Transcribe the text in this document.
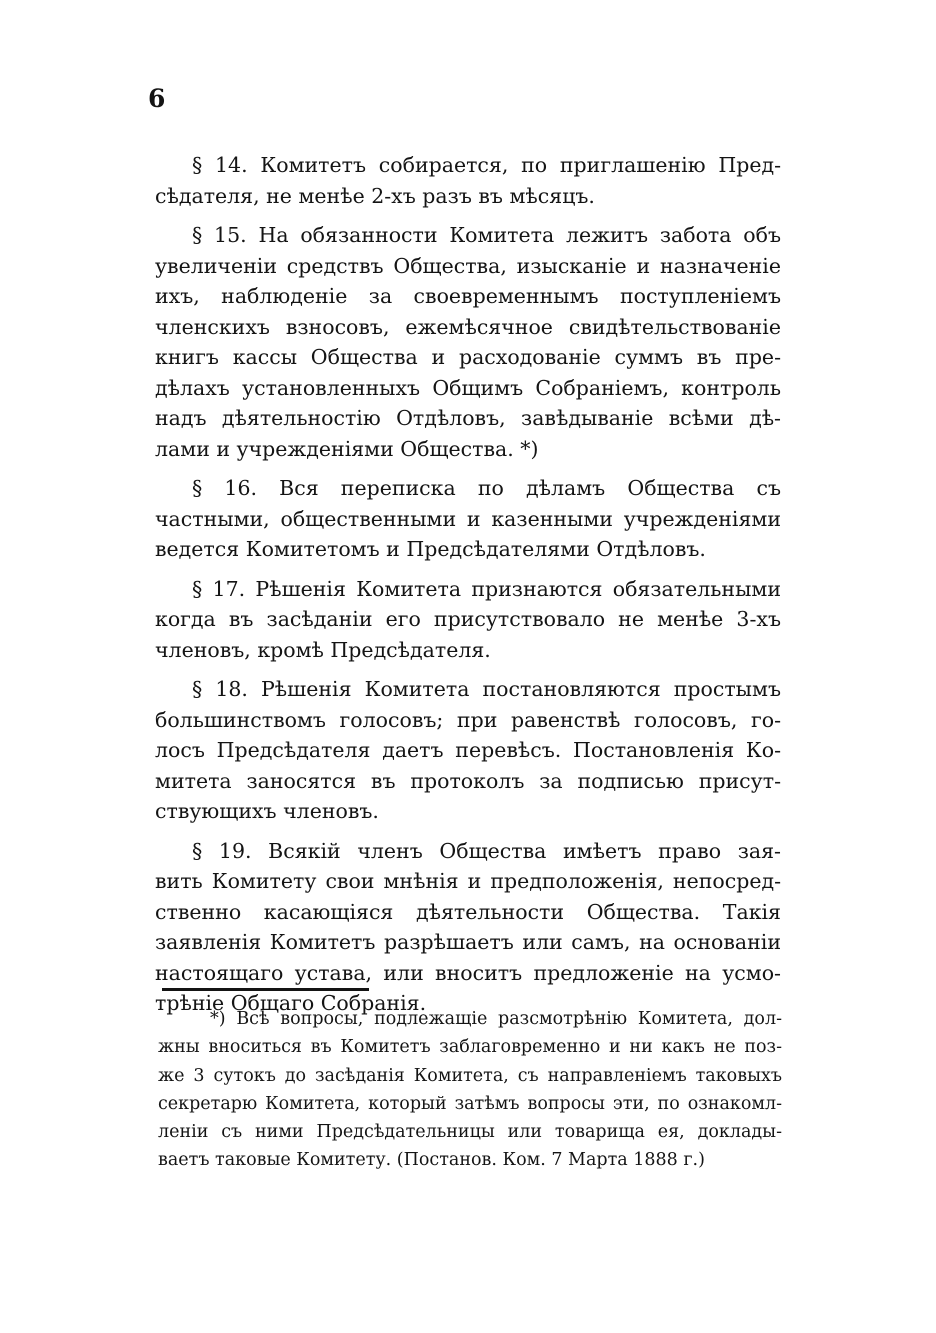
6
§ 14. Комитетъ собирается, по приглашенію Пред-
сѣдателя, не менѣе 2-хъ разъ въ мѣсяцъ.
§ 15. На обязанности Комитета лежитъ забота объ
увеличеніи средствъ Общества, изысканіе и назначеніе
ихъ, наблюденіе за своевременнымъ поступленіемъ
членскихъ взносовъ, ежемѣсячное свидѣтельствованіе
книгъ кассы Общества и расходованіе суммъ въ пре-
дѣлахъ установленныхъ Общимъ Собраніемъ, контроль
надъ дѣятельностію Отдѣловъ, завѣдываніе всѣми дѣ-
лами и учрежденіями Общества. *)
§ 16. Вся переписка по дѣламъ Общества съ
частными, общественными и казенными учрежденіями
ведется Комитетомъ и Предсѣдателями Отдѣловъ.
§ 17. Рѣшенія Комитета признаются обязательными
когда въ засѣданіи его присутствовало не менѣе 3-хъ
членовъ, кромѣ Предсѣдателя.
§ 18. Рѣшенія Комитета постановляются простымъ
большинствомъ голосовъ; при равенствѣ голосовъ, го-
лосъ Предсѣдателя даетъ перевѣсъ. Постановленія Ко-
митета заносятся въ протоколъ за подписью присут-
ствующихъ членовъ.
§ 19. Всякій членъ Общества имѣетъ право зая-
вить Комитету свои мнѣнія и предположенія, непосред-
ственно касающіяся дѣятельности Общества. Такія
заявленія Комитетъ разрѣшаетъ или самъ, на основаніи
настоящаго устава, или вноситъ предложеніе на усмо-
трѣніе Общаго Собранія.
*) Всѣ вопросы, подлежащіе разсмотрѣнію Комитета, дол-
жны вноситься въ Комитетъ заблаговременно и ни какъ не поз-
же 3 сутокъ до засѣданія Комитета, съ направленіемъ таковыхъ
секретарю Комитета, который затѣмъ вопросы эти, по ознакомл-
леніи съ ними Предсѣдательницы или товарища ея, доклады-
ваетъ таковые Комитету. (Постанов. Ком. 7 Марта 1888 г.)
